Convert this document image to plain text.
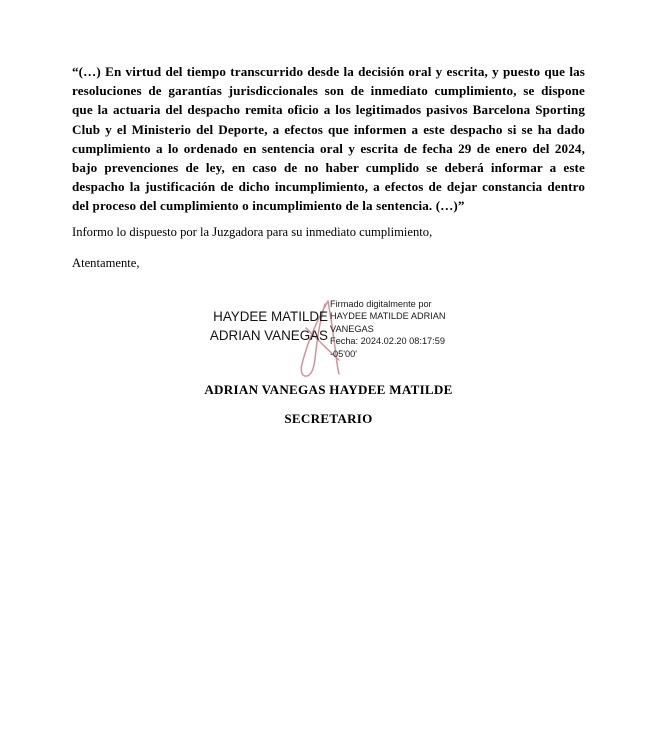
“(…) En virtud del tiempo transcurrido desde la decisión oral y escrita, y puesto que las
resoluciones de garantías jurisdiccionales son de inmediato cumplimiento, se dispone
que la actuaria del despacho remita oficio a los legitimados pasivos Barcelona Sporting
Club y el Ministerio del Deporte, a efectos que informen a este despacho si se ha dado
cumplimiento a lo ordenado en sentencia oral y escrita de fecha 29 de enero del 2024,
bajo prevenciones de ley, en caso de no haber cumplido se deberá informar a este
despacho la justificación de dicho incumplimiento, a efectos de dejar constancia dentro
del proceso del cumplimiento o incumplimiento de la sentencia. (…)”
Informo lo dispuesto por la Juzgadora para su inmediato cumplimiento,
Atentamente,
HAYDEE MATILDE
ADRIAN VANEGAS
Firmado digitalmente por
HAYDEE MATILDE ADRIAN
VANEGAS
Fecha: 2024.02.20 08:17:59
-05'00'
ADRIAN VANEGAS HAYDEE MATILDE
SECRETARIO
